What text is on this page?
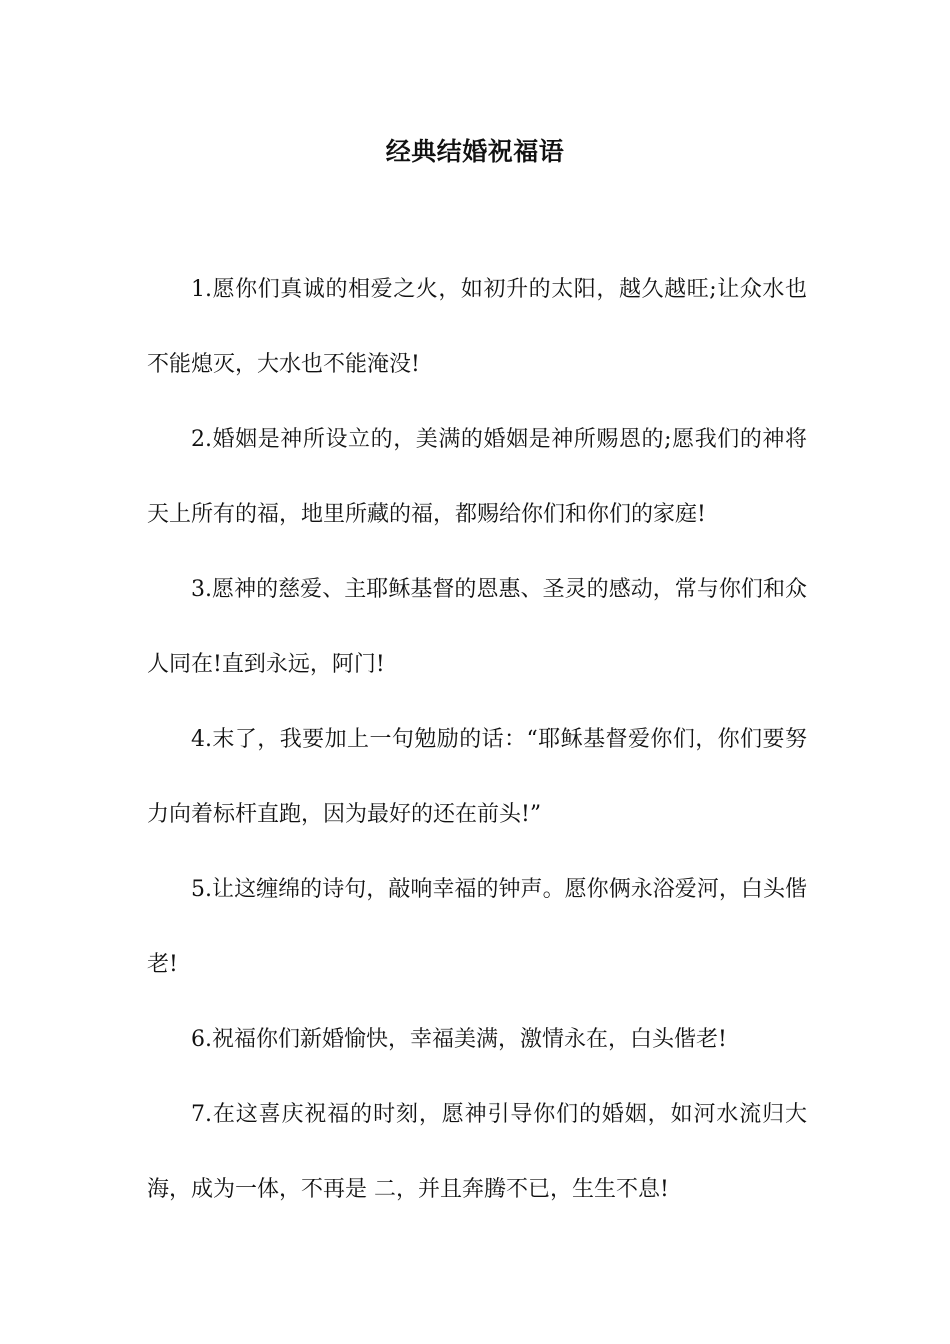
经典结婚祝福语

1.愿你们真诚的相爱之火，如初升的太阳，越久越旺;让众水也不能熄灭，大水也不能淹没!

2.婚姻是神所设立的，美满的婚姻是神所赐恩的;愿我们的神将天上所有的福，地里所藏的福，都赐给你们和你们的家庭!

3.愿神的慈爱、主耶稣基督的恩惠、圣灵的感动，常与你们和众人同在!直到永远，阿门!

4.末了，我要加上一句勉励的话：“耶稣基督爱你们，你们要努力向着标杆直跑，因为最好的还在前头!”

5.让这缠绵的诗句，敲响幸福的钟声。愿你俩永浴爱河，白头偕老!

6.祝福你们新婚愉快，幸福美满，激情永在，白头偕老!

7.在这喜庆祝福的时刻，愿神引导你们的婚姻，如河水流归大海，成为一体，不再是 二，并且奔腾不已，生生不息!
